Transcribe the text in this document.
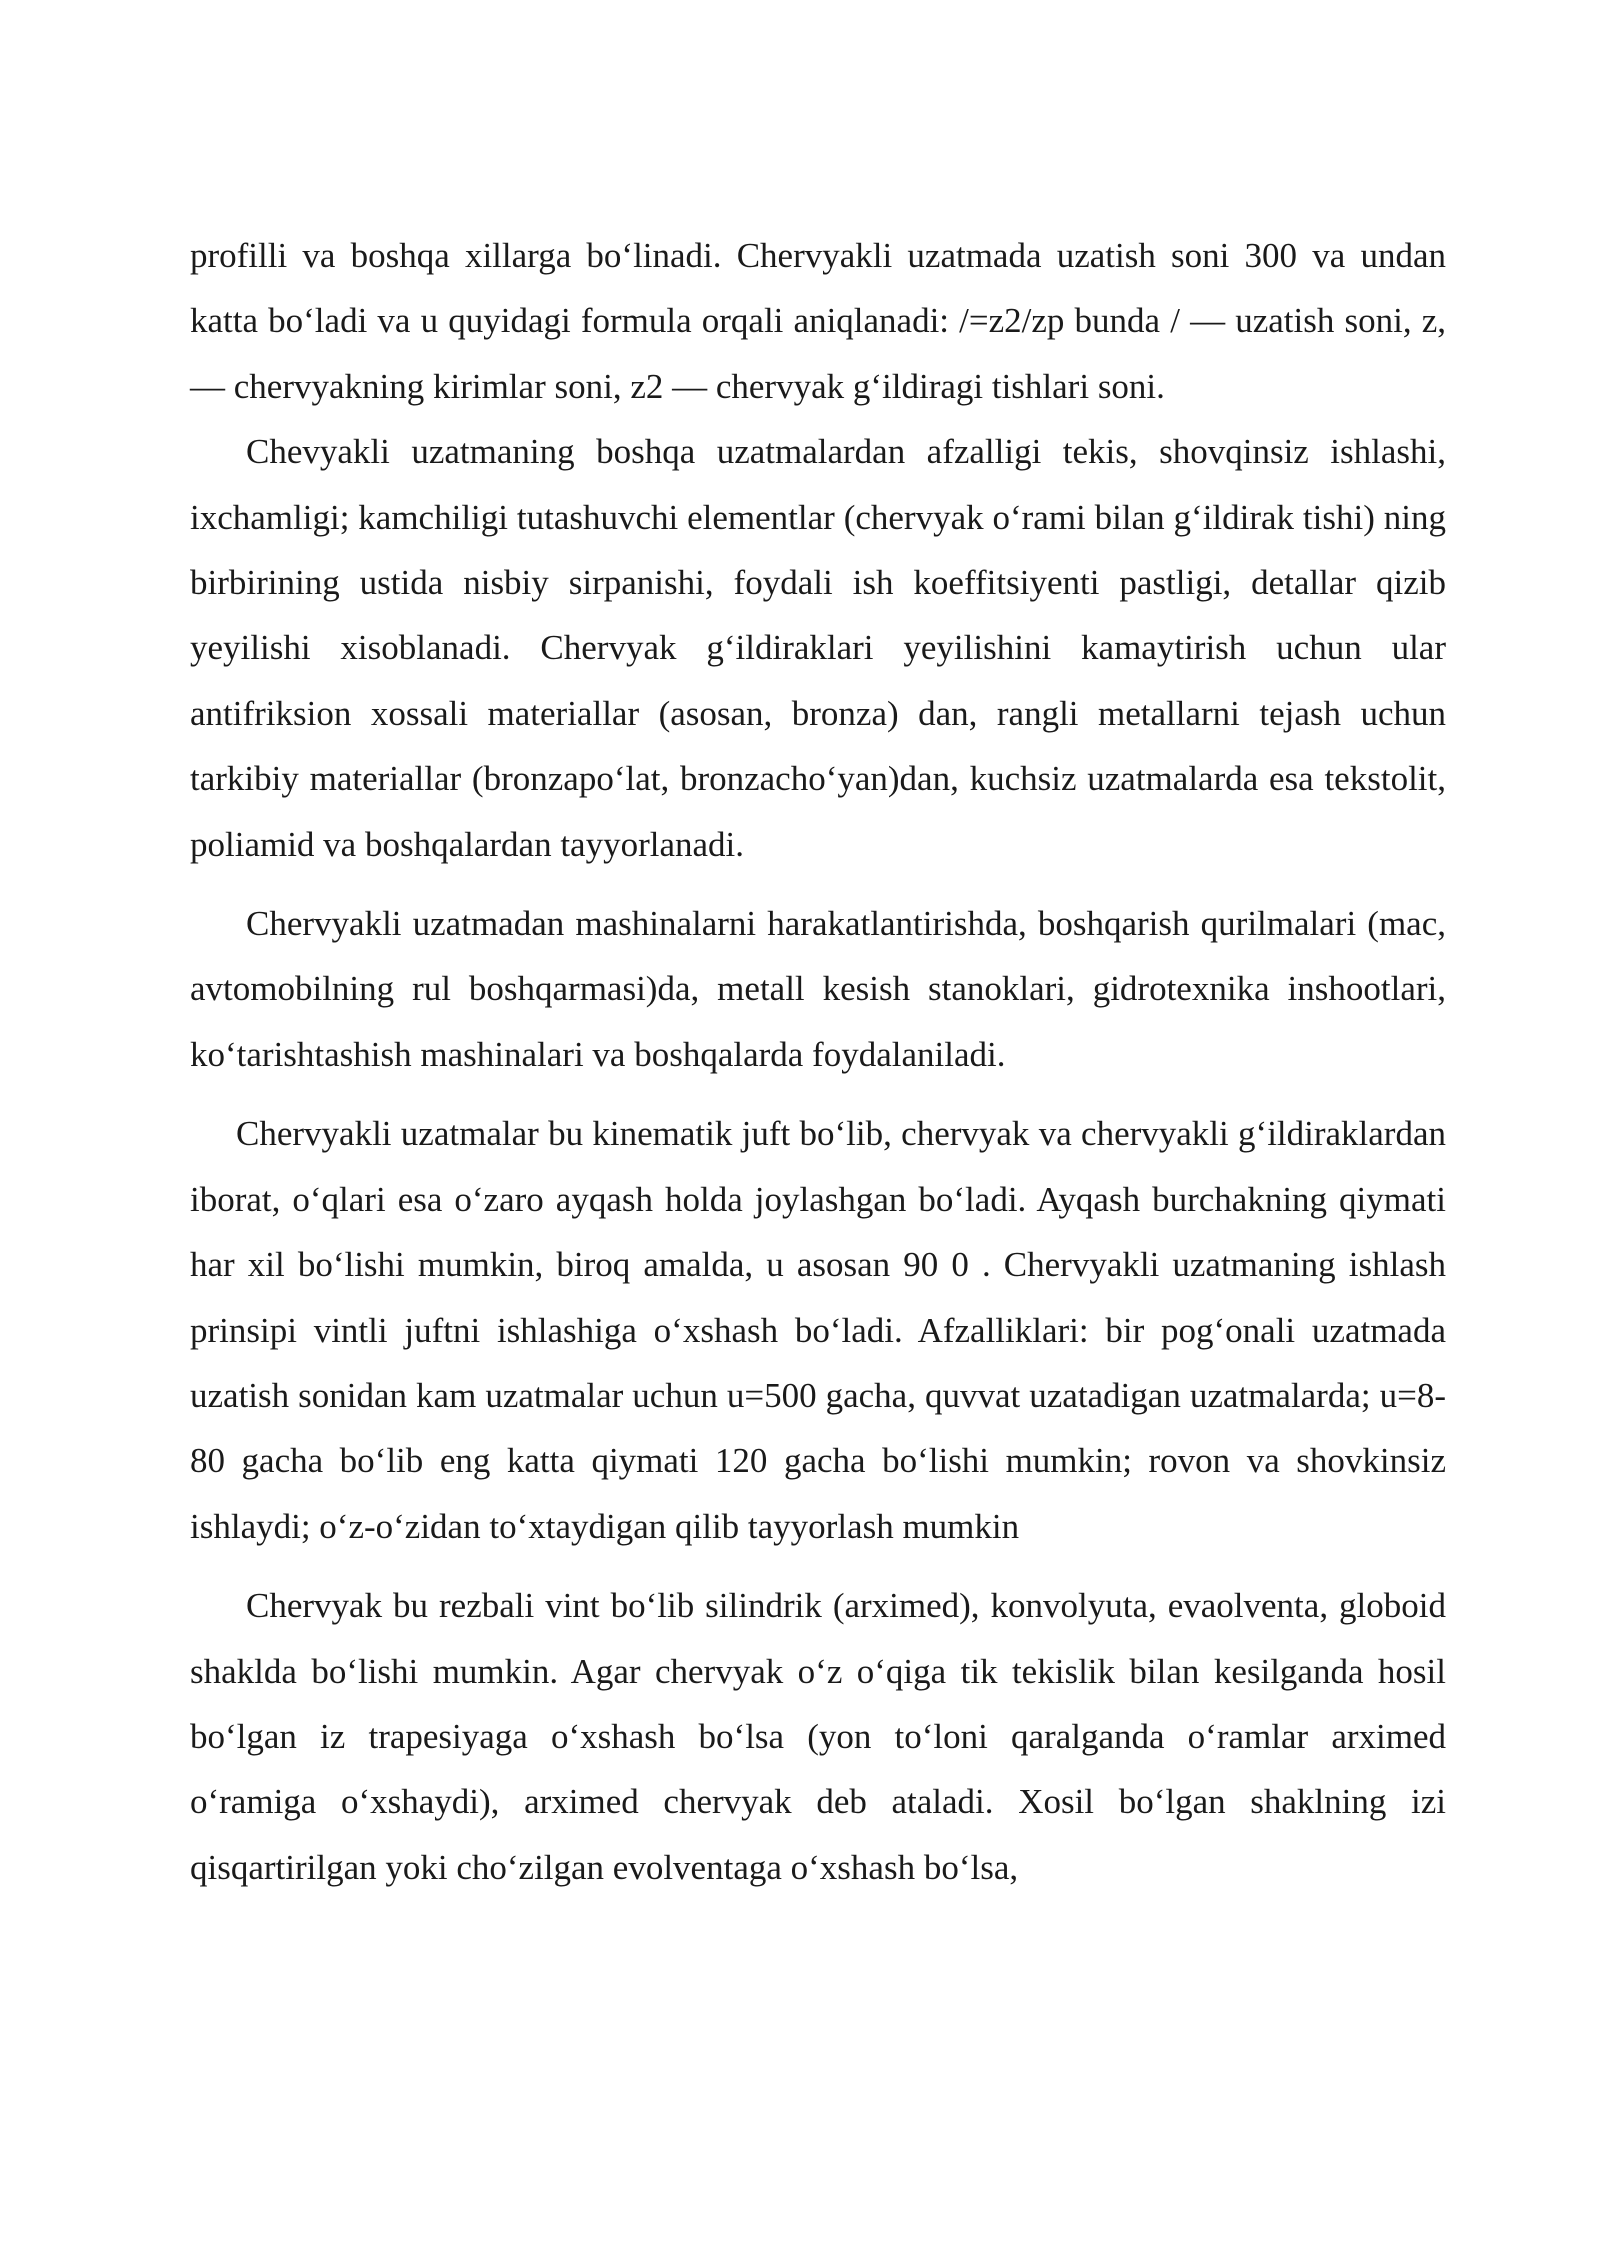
profilli va boshqa xillarga bo‘linadi. Chervyakli uzatmada uzatish soni 300 va undan katta bo‘ladi va u quyidagi formula orqali aniqlanadi: /=z2/zp bunda / — uzatish soni, z, — chervyakning kirimlar soni, z2 — chervyak g‘ildiragi tishlari soni.

Chevyakli uzatmaning boshqa uzatmalardan afzalligi tekis, shovqinsiz ishlashi, ixchamligi; kamchiligi tutashuvchi elementlar (chervyak o‘rami bilan g‘ildirak tishi) ning birbirining ustida nisbiy sirpanishi, foydali ish koeffitsiyenti pastligi, detallar qizib yeyilishi xisoblanadi. Chervyak g‘ildiraklari yeyilishini kamaytirish uchun ular antifriksion xossali materiallar (asosan, bronza) dan, rangli metallarni tejash uchun tarkibiy materiallar (bronzapo‘lat, bronzacho‘yan)dan, kuchsiz uzatmalarda esa tekstolit, poliamid va boshqalardan tayyorlanadi.

Chervyakli uzatmadan mashinalarni harakatlantirishda, boshqarish qurilmalari (mac, avtomobilning rul boshqarmasi)da, metall kesish stanoklari, gidrotexnika inshootlari, ko‘tarishtashish mashinalari va boshqalarda foydalaniladi.

Chervyakli uzatmalar bu kinematik juft bo‘lib, chervyak va chervyakli g‘ildiraklardan iborat, o‘qlari esa o‘zaro ayqash holda joylashgan bo‘ladi. Ayqash burchakning qiymati har xil bo‘lishi mumkin, biroq amalda, u asosan 90 0 . Chervyakli uzatmaning ishlash prinsipi vintli juftni ishlashiga o‘xshash bo‘ladi. Afzalliklari: bir pog‘onali uzatmada uzatish sonidan kam uzatmalar uchun u=500 gacha, quvvat uzatadigan uzatmalarda; u=8-80 gacha bo‘lib eng katta qiymati 120 gacha bo‘lishi mumkin; rovon va shovkinsiz ishlaydi; o‘z-o‘zidan to‘xtaydigan qilib tayyorlash mumkin

Chervyak bu rezbali vint bo‘lib silindrik (arximed), konvolyuta, evaolventa, globoid shaklda bo‘lishi mumkin. Agar chervyak o‘z o‘qiga tik tekislik bilan kesilganda hosil bo‘lgan iz trapesiyaga o‘xshash bo‘lsa (yon to‘loni qaralganda o‘ramlar arximed o‘ramiga o‘xshaydi), arximed chervyak deb ataladi. Xosil bo‘lgan shaklning izi qisqartirilgan yoki cho‘zilgan evolventaga o‘xshash bo‘lsa,
